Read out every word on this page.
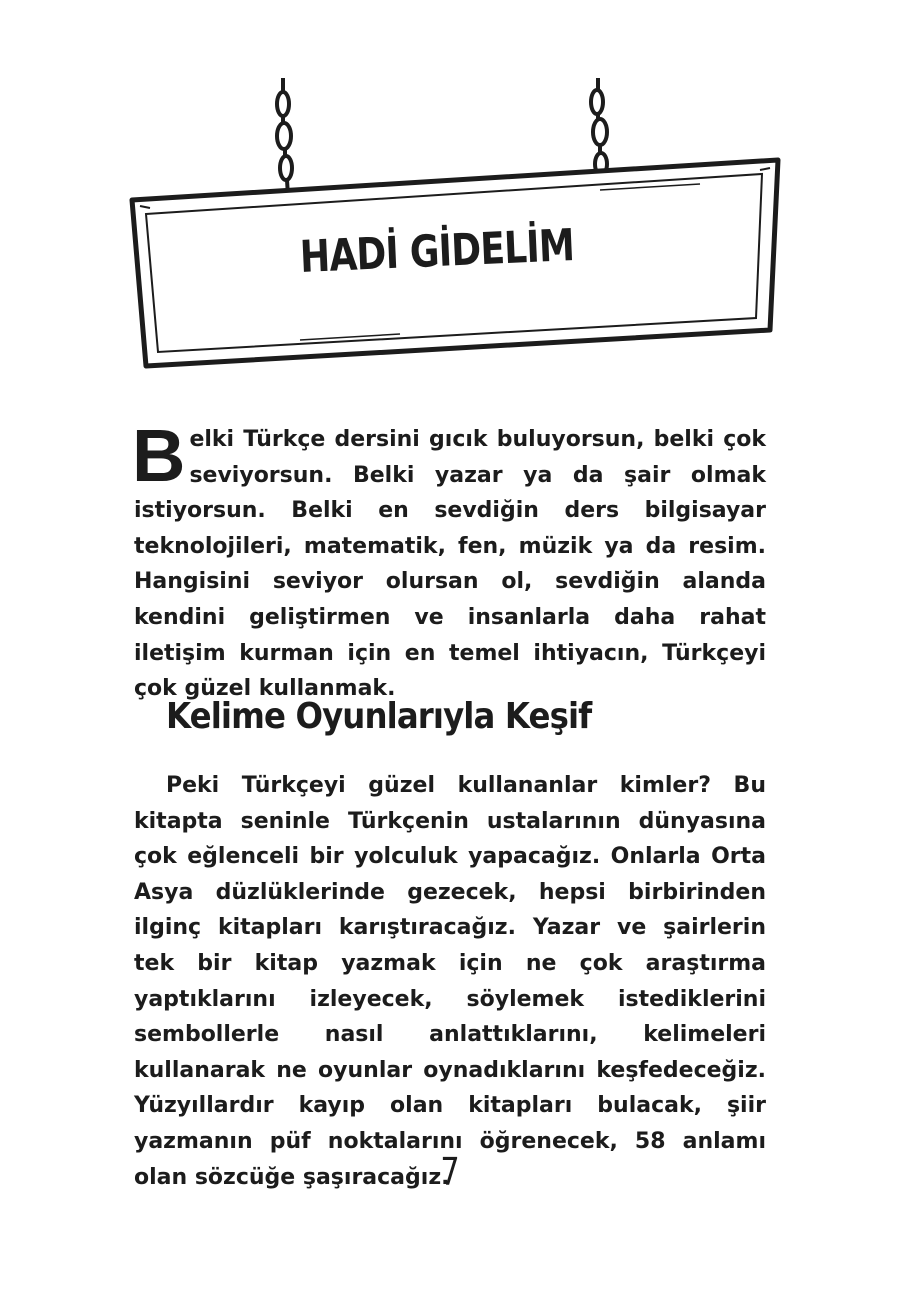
HADİ GİDELİM

Belki Türkçe dersini gıcık buluyorsun, belki çok seviyorsun. Belki yazar ya da şair olmak istiyorsun. Belki en sevdiğin ders bilgisayar teknolojileri, matematik, fen, müzik ya da resim. Hangisini seviyor olursan ol, sevdiğin alanda kendini geliştirmen ve insanlarla daha rahat iletişim kurman için en temel ihtiyacın, Türkçeyi çok güzel kullanmak.

Kelime Oyunlarıyla Keşif

Peki Türkçeyi güzel kullananlar kimler? Bu kitapta seninle Türkçenin ustalarının dünyasına çok eğlenceli bir yolculuk yapacağız. Onlarla Orta Asya düzlüklerinde gezecek, hepsi birbirinden ilginç kitapları karıştıracağız. Yazar ve şairlerin tek bir kitap yazmak için ne çok araştırma yaptıklarını izleyecek, söylemek istediklerini sembollerle nasıl anlattıklarını, kelimeleri kullanarak ne oyunlar oynadıklarını keşfedeceğiz. Yüzyıllardır kayıp olan kitapları bulacak, şiir yazmanın püf noktalarını öğrenecek, 58 anlamı olan sözcüğe şaşıracağız.

7
